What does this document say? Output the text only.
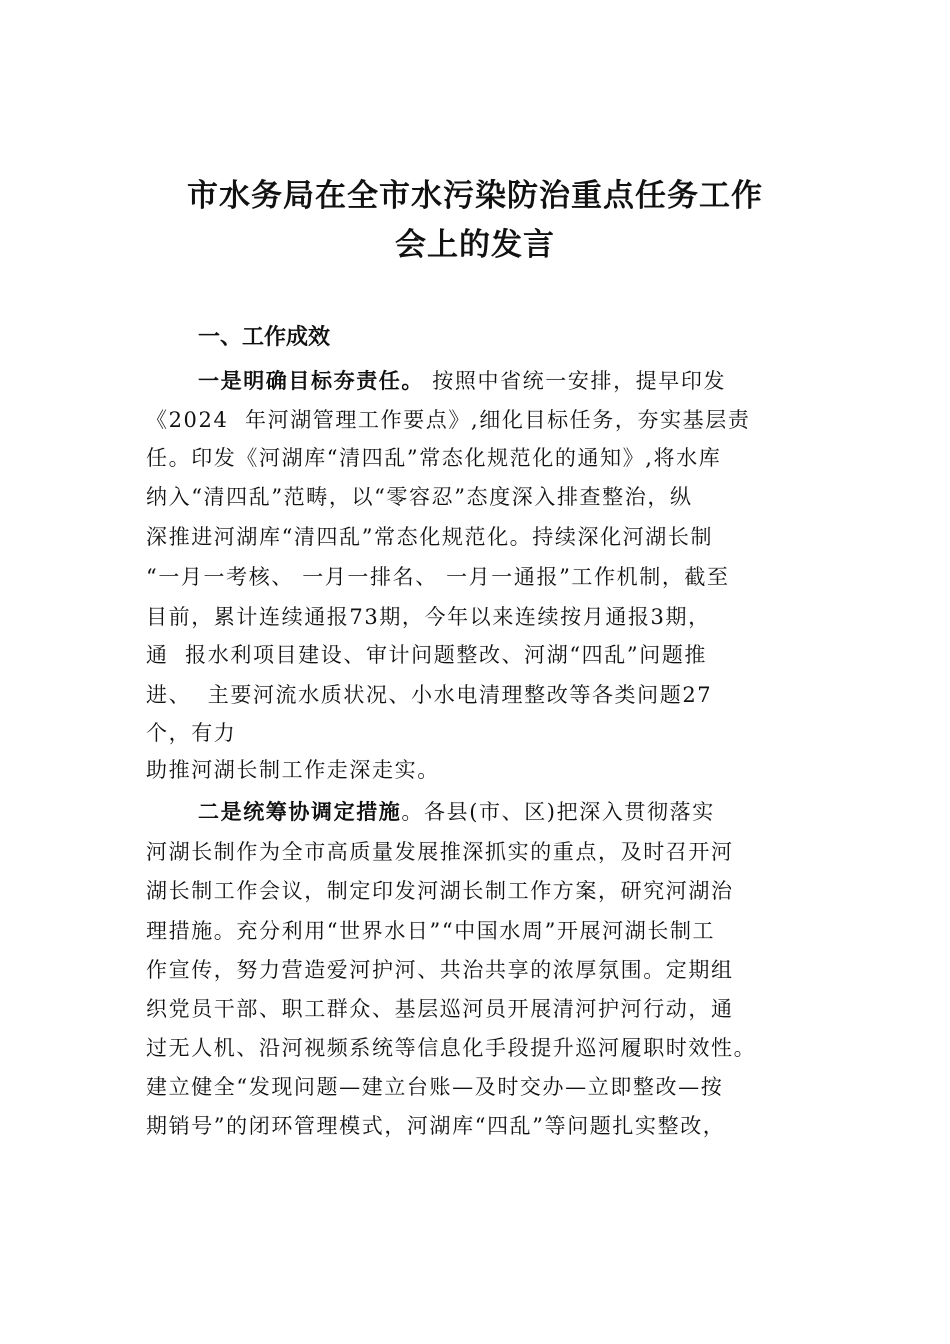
市水务局在全市水污染防治重点任务工作
会上的发言
一、工作成效
一是明确目标夯责任。 按照中省统一安排，提早印发
《2024  年河湖管理工作要点》,细化目标任务，夯实基层责
任。印发《河湖库“清四乱”常态化规范化的通知》,将水库
纳入“清四乱”范畴，以“零容忍”态度深入排查整治，纵
深推进河湖库“清四乱”常态化规范化。持续深化河湖长制
“一月一考核、 一月一排名、 一月一通报”工作机制，截至
目前，累计连续通报73期，今年以来连续按月通报3期，
通  报水利项目建设、审计问题整改、河湖“四乱”问题推
进、  主要河流水质状况、小水电清理整改等各类问题27
个，有力
助推河湖长制工作走深走实。
二是统筹协调定措施。各县(市、区)把深入贯彻落实
河湖长制作为全市高质量发展推深抓实的重点，及时召开河
湖长制工作会议，制定印发河湖长制工作方案，研究河湖治
理措施。充分利用“世界水日”“中国水周”开展河湖长制工
作宣传，努力营造爱河护河、共治共享的浓厚氛围。定期组
织党员干部、职工群众、基层巡河员开展清河护河行动，通
过无人机、沿河视频系统等信息化手段提升巡河履职时效性。
建立健全“发现问题—建立台账—及时交办—立即整改—按
期销号”的闭环管理模式，河湖库“四乱”等问题扎实整改，
